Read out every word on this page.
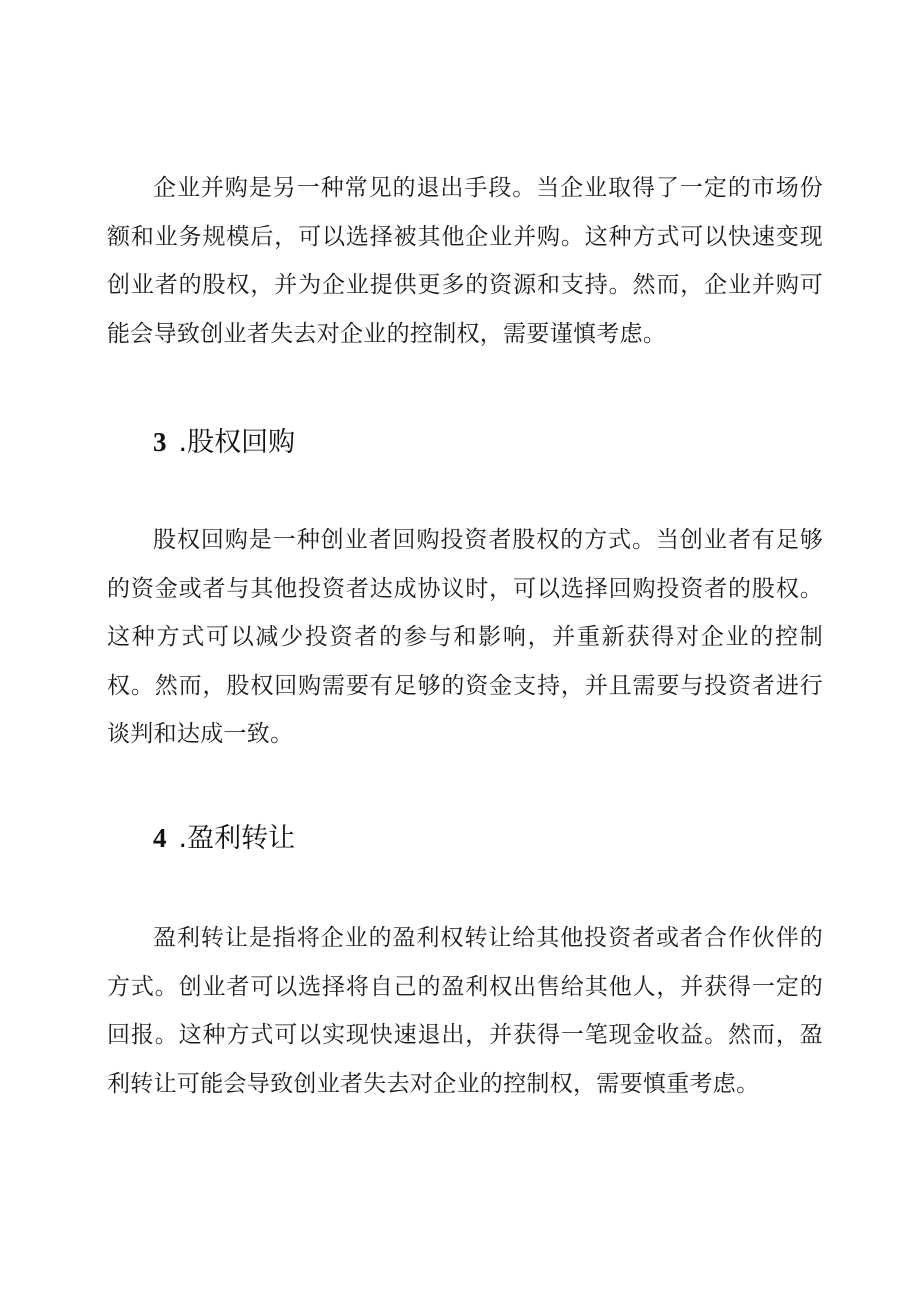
企业并购是另一种常见的退出手段。当企业取得了一定的市场份额和业务规模后，可以选择被其他企业并购。这种方式可以快速变现创业者的股权，并为企业提供更多的资源和支持。然而，企业并购可能会导致创业者失去对企业的控制权，需要谨慎考虑。

3 .股权回购

股权回购是一种创业者回购投资者股权的方式。当创业者有足够的资金或者与其他投资者达成协议时，可以选择回购投资者的股权。这种方式可以减少投资者的参与和影响，并重新获得对企业的控制权。然而，股权回购需要有足够的资金支持，并且需要与投资者进行谈判和达成一致。

4 .盈利转让

盈利转让是指将企业的盈利权转让给其他投资者或者合作伙伴的方式。创业者可以选择将自己的盈利权出售给其他人，并获得一定的回报。这种方式可以实现快速退出，并获得一笔现金收益。然而，盈利转让可能会导致创业者失去对企业的控制权，需要慎重考虑。
